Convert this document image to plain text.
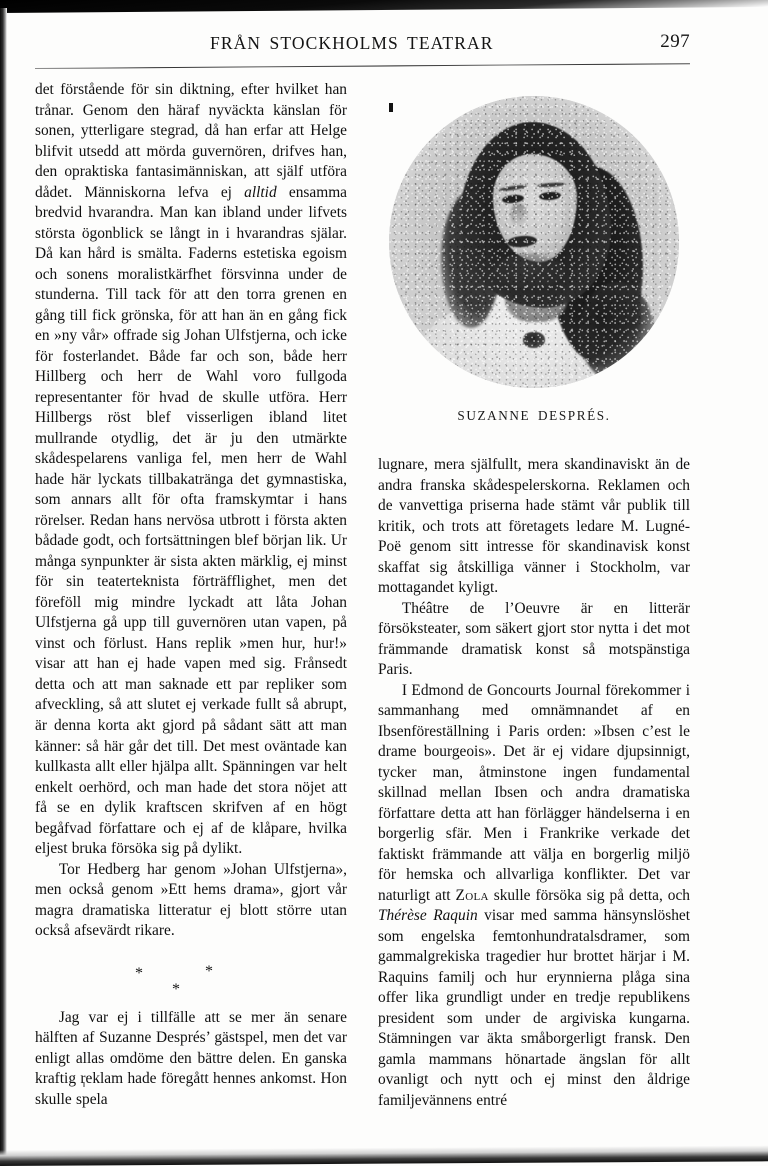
FRÅN STOCKHOLMS TEATRAR	297
SUZANNE DESPRÉS.

det förstående för sin diktning, efter hvilket han trånar. Genom den häraf nyväckta känslan för sonen, ytterligare stegrad, då han erfar att Helge blifvit utsedd att mörda guvernören, drifves han, den opraktiska fantasimänniskan, att själf utföra dådet. Människorna lefva ej alltid ensamma bredvid hvarandra. Man kan ibland under lifvets största ögonblick se långt in i hvarandras själar. Då kan hård is smälta. Faderns estetiska egoism och sonens moralistkärfhet försvinna under de stunderna. Till tack för att den torra grenen en gång till fick grönska, för att han än en gång fick en »ny vår» offrade sig Johan Ulfstjerna, och icke för fosterlandet. Både far och son, både herr Hillberg och herr de Wahl voro fullgoda representanter för hvad de skulle utföra. Herr Hillbergs röst blef visserligen ibland litet mullrande otydlig, det är ju den utmärkte skådespelarens vanliga fel, men herr de Wahl hade här lyckats tillbakatränga det gymnastiska, som annars allt för ofta framskymtar i hans rörelser. Redan hans nervösa utbrott i första akten bådade godt, och fortsättningen blef början lik. Ur många synpunkter är sista akten märklig, ej minst för sin teaterteknista förträfflighet, men det föreföll mig mindre lyckadt att låta Johan Ulfstjerna gå upp till guvernören utan vapen, på vinst och förlust. Hans replik »men hur, hur!» visar att han ej hade vapen med sig. Frånsedt detta och att man saknade ett par repliker som afveckling, så att slutet ej verkade fullt så abrupt, är denna korta akt gjord på sådant sätt att man känner: så här går det till. Det mest oväntade kan kullkasta allt eller hjälpa allt. Spänningen var helt enkelt oerhörd, och man hade det stora nöjet att få se en dylik kraftscen skrifven af en högt begåfvad författare och ej af de klåpare, hvilka eljest bruka försöka sig på dylikt.

Tor Hedberg har genom »Johan Ulfstjerna», men också genom »Ett hems drama», gjort vår magra dramatiska litteratur ej blott större utan också afsevärdt rikare.

*	*
*

Jag var ej i tillfälle att se mer än senare hälften af Suzanne Després’ gästspel, men det var enligt allas omdöme den bättre delen. En ganska kraftig reklam hade föregått hennes ankomst. Hon skulle spela

lugnare, mera själfullt, mera skandinaviskt än de andra franska skådespelerskorna. Reklamen och de vanvettiga priserna hade stämt vår publik till kritik, och trots att företagets ledare M. Lugné-Poë genom sitt intresse för skandinavisk konst skaffat sig åtskilliga vänner i Stockholm, var mottagandet kyligt.

Théâtre de l’Oeuvre är en litterär försöksteater, som säkert gjort stor nytta i det mot främmande dramatisk konst så motspänstiga Paris.

I Edmond de Goncourts Journal förekommer i sammanhang med omnämnandet af en Ibsenföreställning i Paris orden: »Ibsen c’est le drame bourgeois». Det är ej vidare djupsinnigt, tycker man, åtminstone ingen fundamental skillnad mellan Ibsen och andra dramatiska författare detta att han förlägger händelserna i en borgerlig sfär. Men i Frankrike verkade det faktiskt främmande att välja en borgerlig miljö för hemska och allvarliga konflikter. Det var naturligt att Zola skulle försöka sig på detta, och Thérèse Raquin visar med samma hänsynslöshet som engelska femtonhundratalsdramer, som gammalgrekiska tragedier hur brottet härjar i M. Raquins familj och hur erynnierna plåga sina offer lika grundligt under en tredje republikens president som under de argiviska kungarna. Stämningen var äkta småborgerligt fransk. Den gamla mammans hönartade ängslan för allt ovanligt och nytt och ej minst den åldrige familjevännens entré
